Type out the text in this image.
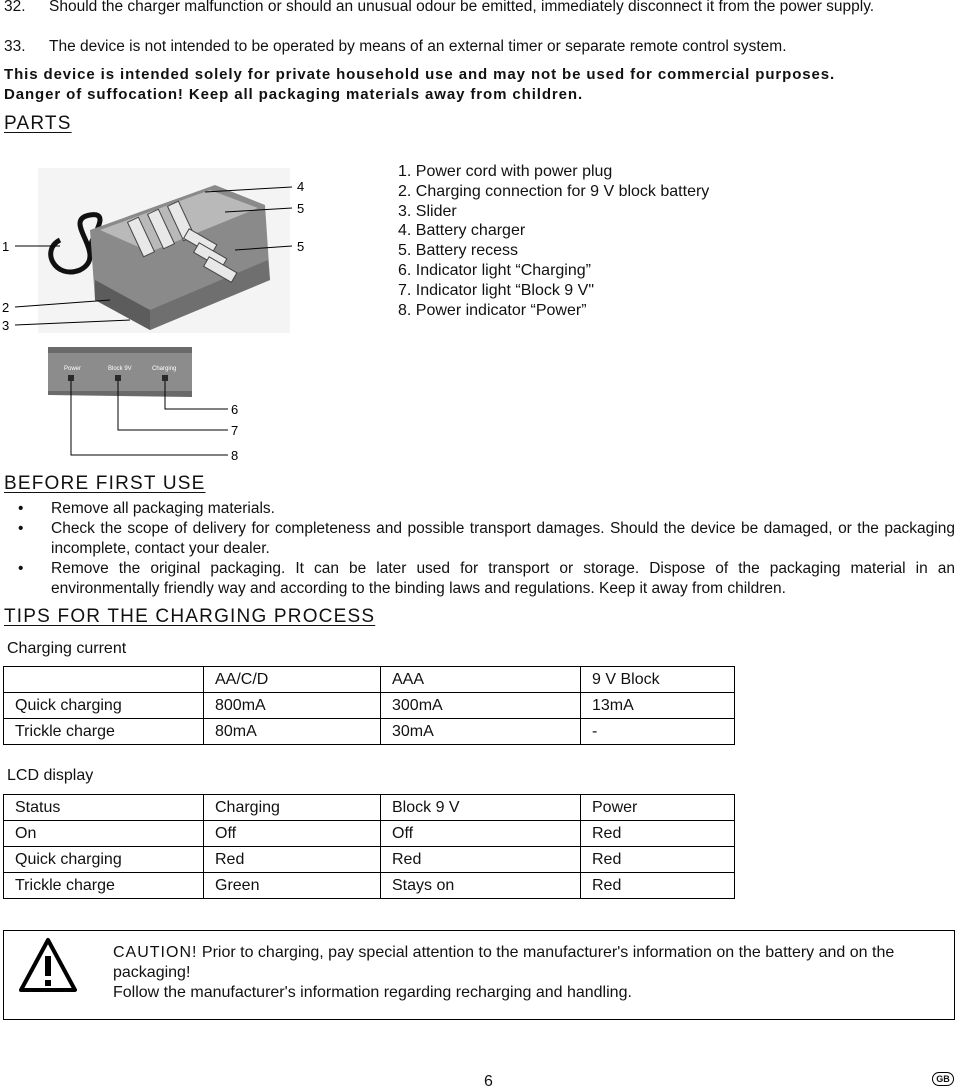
32. Should the charger malfunction or should an unusual odour be emitted, immediately disconnect it from the power supply.
33. The device is not intended to be operated by means of an external timer or separate remote control system.
This device is intended solely for private household use and may not be used for commercial purposes.
Danger of suffocation! Keep all packaging materials away from children.
PARTS
4
5
5
1
2
3
Power	Block 9V	Charging
6
7
8
1. Power cord with power plug
2. Charging connection for 9 V block battery
3. Slider
4. Battery charger
5. Battery recess
6. Indicator light “Charging”
7. Indicator light “Block 9 V"
8. Power indicator “Power”
BEFORE FIRST USE
• Remove all packaging materials.
• Check the scope of delivery for completeness and possible transport damages. Should the device be damaged, or the packaging incomplete, contact your dealer.
• Remove the original packaging. It can be later used for transport or storage. Dispose of the packaging material in an environmentally friendly way and according to the binding laws and regulations. Keep it away from children.
TIPS FOR THE CHARGING PROCESS
Charging current
	AA/C/D	AAA	9 V Block
Quick charging	800mA	300mA	13mA
Trickle charge	80mA	30mA	-
LCD display
Status	Charging	Block 9 V	Power
On	Off	Off	Red
Quick charging	Red	Red	Red
Trickle charge	Green	Stays on	Red
CAUTION! Prior to charging, pay special attention to the manufacturer's information on the battery and on the packaging!
Follow the manufacturer's information regarding recharging and handling.
6	GB
